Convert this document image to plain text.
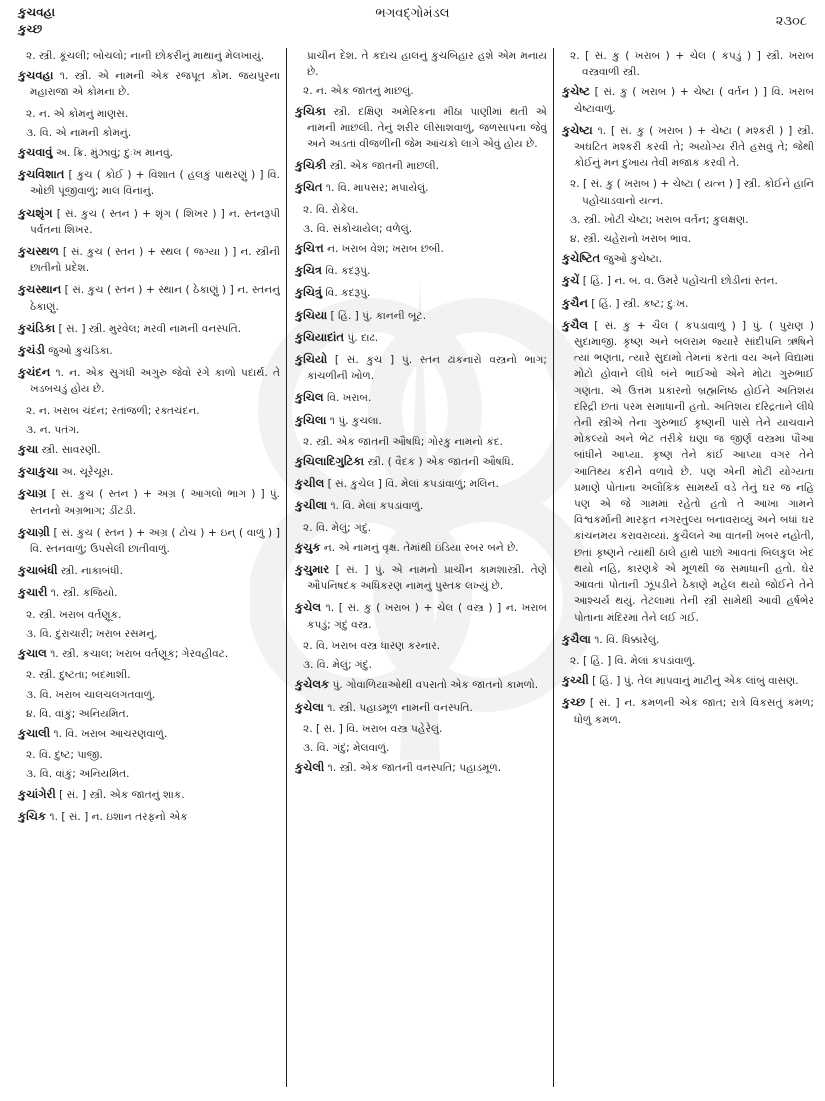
કુચવહા
કુચ્છ
ભગવદ્ગોમંડલ
૨૩૦૮

૨. સ્ત્રી. કૂંચલી; બોચલો; નાની છોકરીનું માથાનું મેલખાયું.

કુચવહા ૧. સ્ત્રી. એ નામની એક રજપૂત કોમ. જયપુરના મહારાજા એ કોમના છે.

૨. ન. એ કોમનું માણસ.

૩. વિ. એ નામની કોમનું.

કુચવાવું અ. ક્રિ. મુંઝાવું; દુઃખ માનવું.

કુચવિશાત [ કુચ ( કોઈ ) + વિશાત ( હલકું પાથરણું ) ] વિ. ઓછી પૂંજીવાળું; માલ વિનાનું.

કુચશૃંગ [ સં. કુચ ( સ્તન ) + શૃંગ ( શિખર ) ] ન. સ્તનરૂપી પર્વતનાં શિખર.

કુચસ્થળ [ સં. કુચ ( સ્તન ) + સ્થલ ( જગ્યા ) ] ન. સ્ત્રીની છાતીનો પ્રદેશ.

કુચસ્થાન [ સં. કુચ ( સ્તન ) + સ્થાન ( ઠેકાણું ) ] ન. સ્તનનું ઠેકાણું.

કુચંડિકા [ સં. ] સ્ત્રી. મુરવેલ; મરવી નામની વનસ્પતિ.

કુચંડી જુઓ કુચંડિકા.

કુચંદન ૧. ન. એક સુગંધી અગુરુ જેવો રંગે કાળો પદાર્થ. તે ખડબચડું હોય છે.

૨. ન. ખરાબ ચંદન; રતાંજળી; રક્તચંદન.

૩. ન. પતંગ.

કુચા સ્ત્રી. સાવરણી.

કુચાકુચા અ. ચૂરેચૂરા.

કુચાગ્ર [ સં. કુચ ( સ્તન ) + અગ્ર ( આગલો ભાગ ) ] પું. સ્તનનો અગ્રભાગ; ડીંટડી.

કુચાગ્રી [ સં. કુચ ( સ્તન ) + અગ્ર ( ટોચ ) + ઇન્ ( વાળું ) ] વિ. સ્તનવાળું; ઉપસેલી છાતીવાળું.

કુચાબંધી સ્ત્રી. નાકાબંધી.

કુચારી ૧. સ્ત્રી. કજિયો.

૨. સ્ત્રી. ખરાબ વર્તણૂક.

૩. વિ. દુરાચારી; ખરાબ રસમનું.

કુચાલ ૧. સ્ત્રી. કચાલ; ખરાબ વર્તણૂક; ગેરવહીવટ.

૨. સ્ત્રી. દુષ્ટતા; બદમાશી.

૩. વિ. ખરાબ ચાલચલગતવાળું.

૪. વિ. વાંકું; અનિયમિત.

કુચાલી ૧. વિ. ખરાબ આચરણવાળું.

૨. વિ. દુષ્ટ; પાજી.

૩. વિ. વાંકું; અનિયમિત.

કુચાંગેરી [ સં. ] સ્ત્રી. એક જાતનું શાક.

કુચિક ૧. [ સં. ] ન. ઇશાન તરફનો એક

પ્રાચીન દેશ. તે કદાચ હાલનું કુચબિહાર હશે એમ મનાય છે.

૨. ન. એક જાતનું માછલું.

કુચિકા સ્ત્રી. દક્ષિણ અમેરિકના મીઠા પાણીમાં થતી એ નામની માછલી. તેનું શરીર લીસાશવાળું, જળસાપના જેવું અને અડતાં વીજળીની જેમ આંચકો લાગે એવું હોય છે.

કુચિકી સ્ત્રી. એક જાતની માછલી.

કુચિત ૧. વિ. માપસર; મપાયેલું.

૨. વિ. રોકેલ.

૩. વિ. સંકોચાયેલ; વળેલું.

કુચિત્ત ન. ખરાબ વેશ; ખરાબ છબી.

કુચિત્ર વિ. કદરૂપું.

કુચિત્રું વિ. કદરૂપું.

કુચિયા [ હિં. ] પું. કાનની બૂટ.

કુચિયાદાંત પું. દાઢ.

કુચિયો [ સં. કુચ ] પું. સ્તન ઢાંકનારો વસ્ત્રનો ભાગ; કાંચળીની ખોળ.

કુચિલ વિ. ખરાબ.

કુચિલા ૧ પું. કુચલા.

૨. સ્ત્રી. એક જાતની ઔષધિ; ગોરકુ નામનો કંદ.

કુચિલાદિગુટિકા સ્ત્રી. ( વૈદક ) એક જાતની ઔષધિ.

કુચીલ [ સં. કુચેલ ] વિ. મેલાં કપડાંવાળું; મલિન.

કુચીલા ૧. વિ. મેલાં કપડાંવાળું.

૨. વિ. મેલું; ગંદું.

કુચુક ન. એ નામનું વૃક્ષ. તેમાંથી ઇંડિયા રબર બને છે.

કુચુમાર [ સં. ] પું. એ નામનો પ્રાચીન કામશાસ્ત્રી. તેણે ઔપનિષદક અધિકરણ નામનું પુસ્તક લખ્યું છે.

કુચેલ ૧. [ સં. કુ ( ખરાબ ) + ચેલ ( વસ્ત્ર ) ] ન. ખરાબ કપડું; ગંદું વસ્ત્ર.

૨. વિ. ખરાબ વસ્ત્ર ધારણ કરનાર.

૩. વિ. મેલું; ગંદું.

કુચેલક પું. ગોવાળિયાઓથી વપરાતો એક જાતનો કામળો.

કુચેલા ૧. સ્ત્રી. પહાડમૂળ નામની વનસ્પતિ.

૨. [ સં. ] વિ. ખરાબ વસ્ત્ર પહેરેલું.

૩. વિ. ગંદું; મેલવાળું.

કુચેલી ૧. સ્ત્રી. એક જાતની વનસ્પતિ; પહાડમૂળ.

૨. [ સં. કુ ( ખરાબ ) + ચેલ ( કપડું ) ] સ્ત્રી. ખરાબ વસ્ત્રવાળી સ્ત્રી.

કુચેષ્ટ [ સં. કુ ( ખરાબ ) + ચેષ્ટા ( વર્તન ) ] વિ. ખરાબ ચેષ્ટાવાળું.

કુચેષ્ટા ૧. [ સં. કુ ( ખરાબ ) + ચેષ્ટા ( મશ્કરી ) ] સ્ત્રી. અઘટિત મશ્કરી કરવી તે; અયોગ્ય રીતે હસવું તે; જેથી કોઈનું મન દુખાય તેવી મજાક કરવી તે.

૨. [ સં. કુ ( ખરાબ ) + ચેષ્ટા ( યત્ન ) ] સ્ત્રી. કોઈને હાનિ પહોંચાડવાનો યત્ન.

૩. સ્ત્રી. ખોટી ચેષ્ટા; ખરાબ વર્તન; કુલક્ષણ.

૪. સ્ત્રી. ચહેરાનો ખરાબ ભાવ.

કુચેષ્ટિત જુઓ કુચેષ્ટા.

કુચેં [ હિં. ] ન. બ. વ. ઉમરે પહોંચતી છોડીનાં સ્તન.

કુચૈન [ હિં. ] સ્ત્રી. કષ્ટ; દુઃખ.

કુચૈલ [ સં. કુ + ચૈલ ( કપડાવાળું ) ] પું. ( પુરાણ ) સુદામાજી. કૃષ્ણ અને બલરામ જ્યારે સાંદીપનિ ઋષિને ત્યાં ભણતા, ત્યારે સુદામો તેમનાં કરતાં વય અને વિદ્યામાં મોટો હોવાને લીધે બંને ભાઈઓ એને મોટા ગુરુભાઈ ગણતા. એ ઉત્તમ પ્રકારનો બ્રહ્મનિષ્ઠ હોઈને અતિશય દરિદ્રી છતાં પરમ સમાધાની હતો. અતિશય દરિદ્રતાને લીધે તેની સ્ત્રીએ તેના ગુરુભાઈ કૃષ્ણની પાસે તેને યાચવાને મોકલ્યો અને ભેટ તરીકે ઘણા જ જીર્ણ વસ્ત્રમાં પૌંઆ બાંધીને આપ્યા. કૃષ્ણ તેને કાંઈ આપ્યા વગર તેને આતિથ્ય કરીને વળાવે છે. પણ એની મોટી યોગ્યતા પ્રમાણે પોતાના અલૌકિક સામર્થ્ય વડે તેનું ઘર જ નહિ પણ એ જે ગામમાં રહેતો હતો તે આખા ગામને વિશ્વકર્માની મારફત નગરતુલ્ય બનાવરાવ્યું અને બધાં ઘર કાંચનમય કરાવરાવ્યાં. કુચૈલને આ વાતની ખબર નહોતી, છતાં કૃષ્ણને ત્યાંથી ઠાલે હાથે પાછો આવતાં બિલકુલ ખેદ થયો નહિ, કારણકે એ મૂળથી જ સમાધાની હતો. ઘેર આવતાં પોતાની ઝૂંપડીને ઠેકાણે મહેલ થયો જોઈને તેને આશ્ચર્ય થયું. તેટલામાં તેની સ્ત્રી સામેથી આવી હર્ષભેર પોતાના મંદિરમાં તેને લઈ ગઈ.

કુચૈલા ૧. વિ. ધિક્કારેલું.

૨. [ હિં. ] વિ. મેલાં કપડાંવાળું.

કુચ્ચી [ હિં. ] પું. તેલ માપવાનું માટીનું એક લાંબું વાસણ.

કુચ્છ [ સં. ] ન. કમળની એક જાત; રાત્રે વિકસતું કમળ; ધોળું કમળ.
